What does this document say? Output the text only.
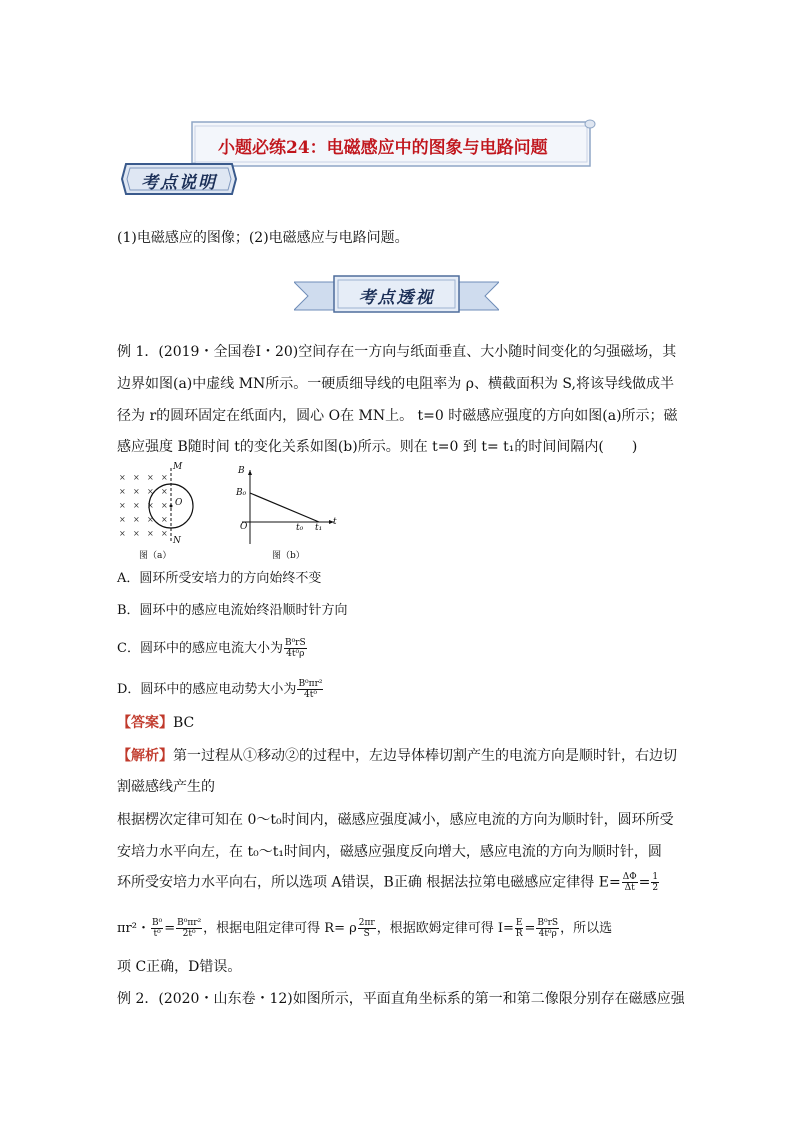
小题必练24：电磁感应中的图象与电路问题
考点说明
(1)电磁感应的图像；(2)电磁感应与电路问题。
考点透视
例 1．(2019・全国卷Ⅰ・20)空间存在一方向与纸面垂直、大小随时间变化的匀强磁场，其
边界如图(a)中虚线 MN所示。一硬质细导线的电阻率为 ρ、横截面积为 S,将该导线做成半
径为 r的圆环固定在纸面内，圆心 O在 MN上。 t=0 时磁感应强度的方向如图(a)所示；磁
感应强度 B随时间 t的变化关系如图(b)所示。则在 t=0 到 t= t₁的时间间隔内(　　)
× × × ×
× × × ×
× × × ×
× × × ×
× × × ×
M
O
N
图（a）
B
B₀
O	t₀ t₁
t
图（b）
A．圆环所受安培力的方向始终不变
B．圆环中的感应电流始终沿顺时针方向
C．圆环中的感应电流大小为 $\frac{\text{B⁰rS}}{\text{4t⁰ρ}}$
D．圆环中的感应电动势大小为 $\frac{\text{B⁰πr²}}{\text{4t⁰}}$
【答案】BC
【解析】第一过程从①移动②的过程中，左边导体棒切割产生的电流方向是顺时针，右边切
割磁感线产生的
根据楞次定律可知在 0～t₀时间内，磁感应强度减小，感应电流的方向为顺时针，圆环所受
安培力水平向左，在 t₀～t₁时间内，磁感应强度反向增大，感应电流的方向为顺时针，圆
环所受安培力水平向右，所以选项 A错误，B正确 根据法拉第电磁感应定律得 $E= \frac{\Delta\Phi}{\Delta t} = \frac{1}{2}$
πr²・ $\frac{\text{B⁰}}{\text{t⁰}} = \frac{\text{B⁰πr²}}{\text{2t⁰}}$ ，根据电阻定律可得 R= ρ $\frac{2\pi r}{S}$ ，根据欧姆定律可得 $I= \frac{E}{R} = \frac{\text{B⁰rS}}{\text{4t⁰ρ}}$ ，所以选
项 C正确，D错误。
例 2．(2020・山东卷・12)如图所示，平面直角坐标系的第一和第二像限分别存在磁感应强
